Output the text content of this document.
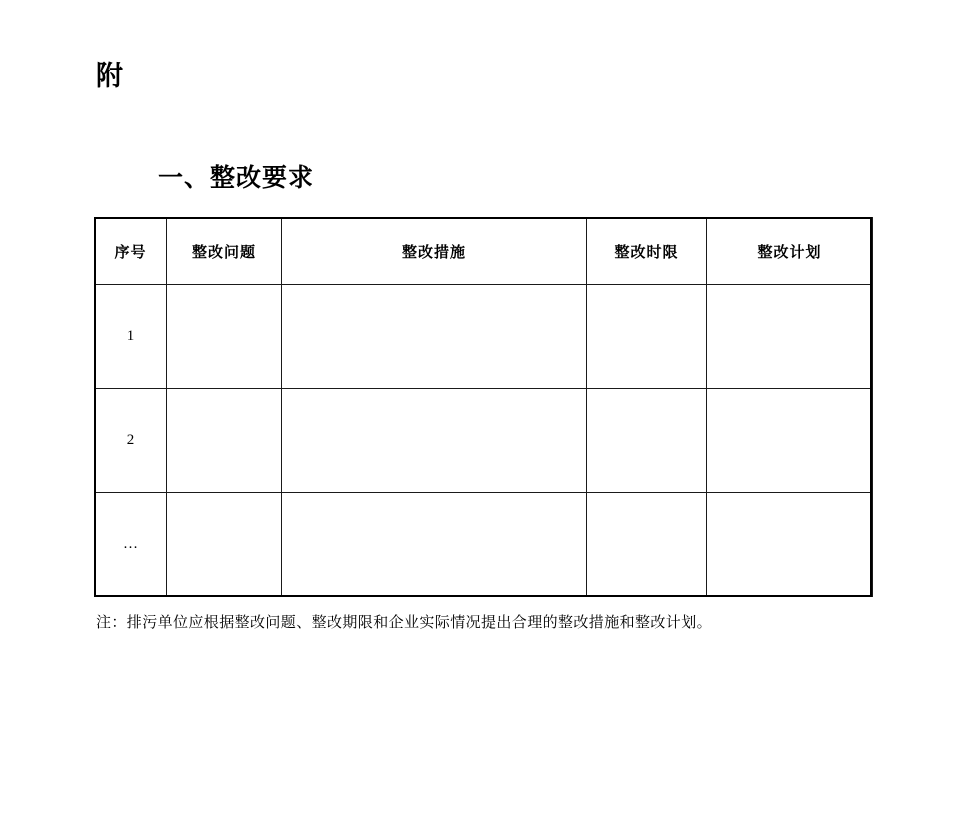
附
一、整改要求
序号	整改问题	整改措施	整改时限	整改计划
1				
2				
…				
注：排污单位应根据整改问题、整改期限和企业实际情况提出合理的整改措施和整改计划。
